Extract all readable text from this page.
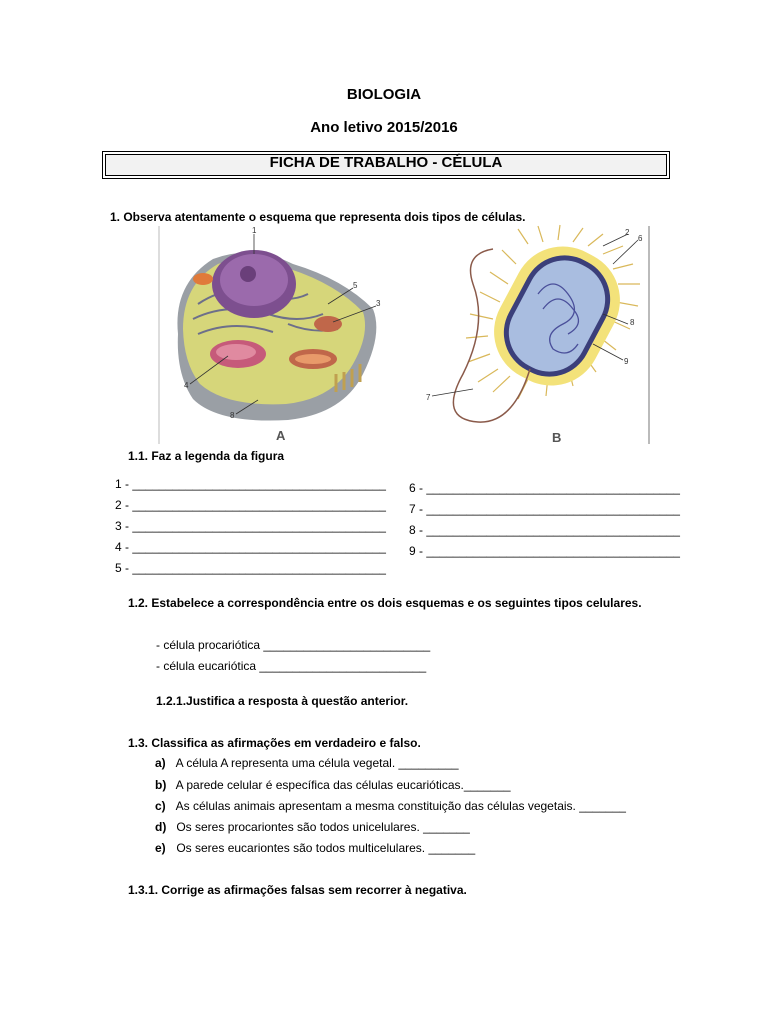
BIOLOGIA
Ano letivo 2015/2016
FICHA DE TRABALHO - CÉLULA
1. Observa atentamente o esquema que representa dois tipos de células.
1
5
3
4
8
A
2
6
8
9
7
B
1.1. Faz a legenda da figura
1 - ______________________________________
2 - ______________________________________
3 - ______________________________________
4 - ______________________________________
5 - ______________________________________
6 - ______________________________________
7 - ______________________________________
8 - ______________________________________
9 - ______________________________________
1.2. Estabelece a correspondência entre os dois esquemas e os seguintes tipos celulares.
- célula procariótica _________________________
- célula eucariótica _________________________
1.2.1.Justifica a resposta à questão anterior.
1.3. Classifica as afirmações em verdadeiro e falso.
a) A célula A representa uma célula vegetal. _________
b) A parede celular é específica das células eucarióticas._______
c) As células animais apresentam a mesma constituição das células vegetais. _______
d) Os seres procariontes são todos unicelulares. _______
e) Os seres eucariontes são todos multicelulares. _______
1.3.1. Corrige as afirmações falsas sem recorrer à negativa.
